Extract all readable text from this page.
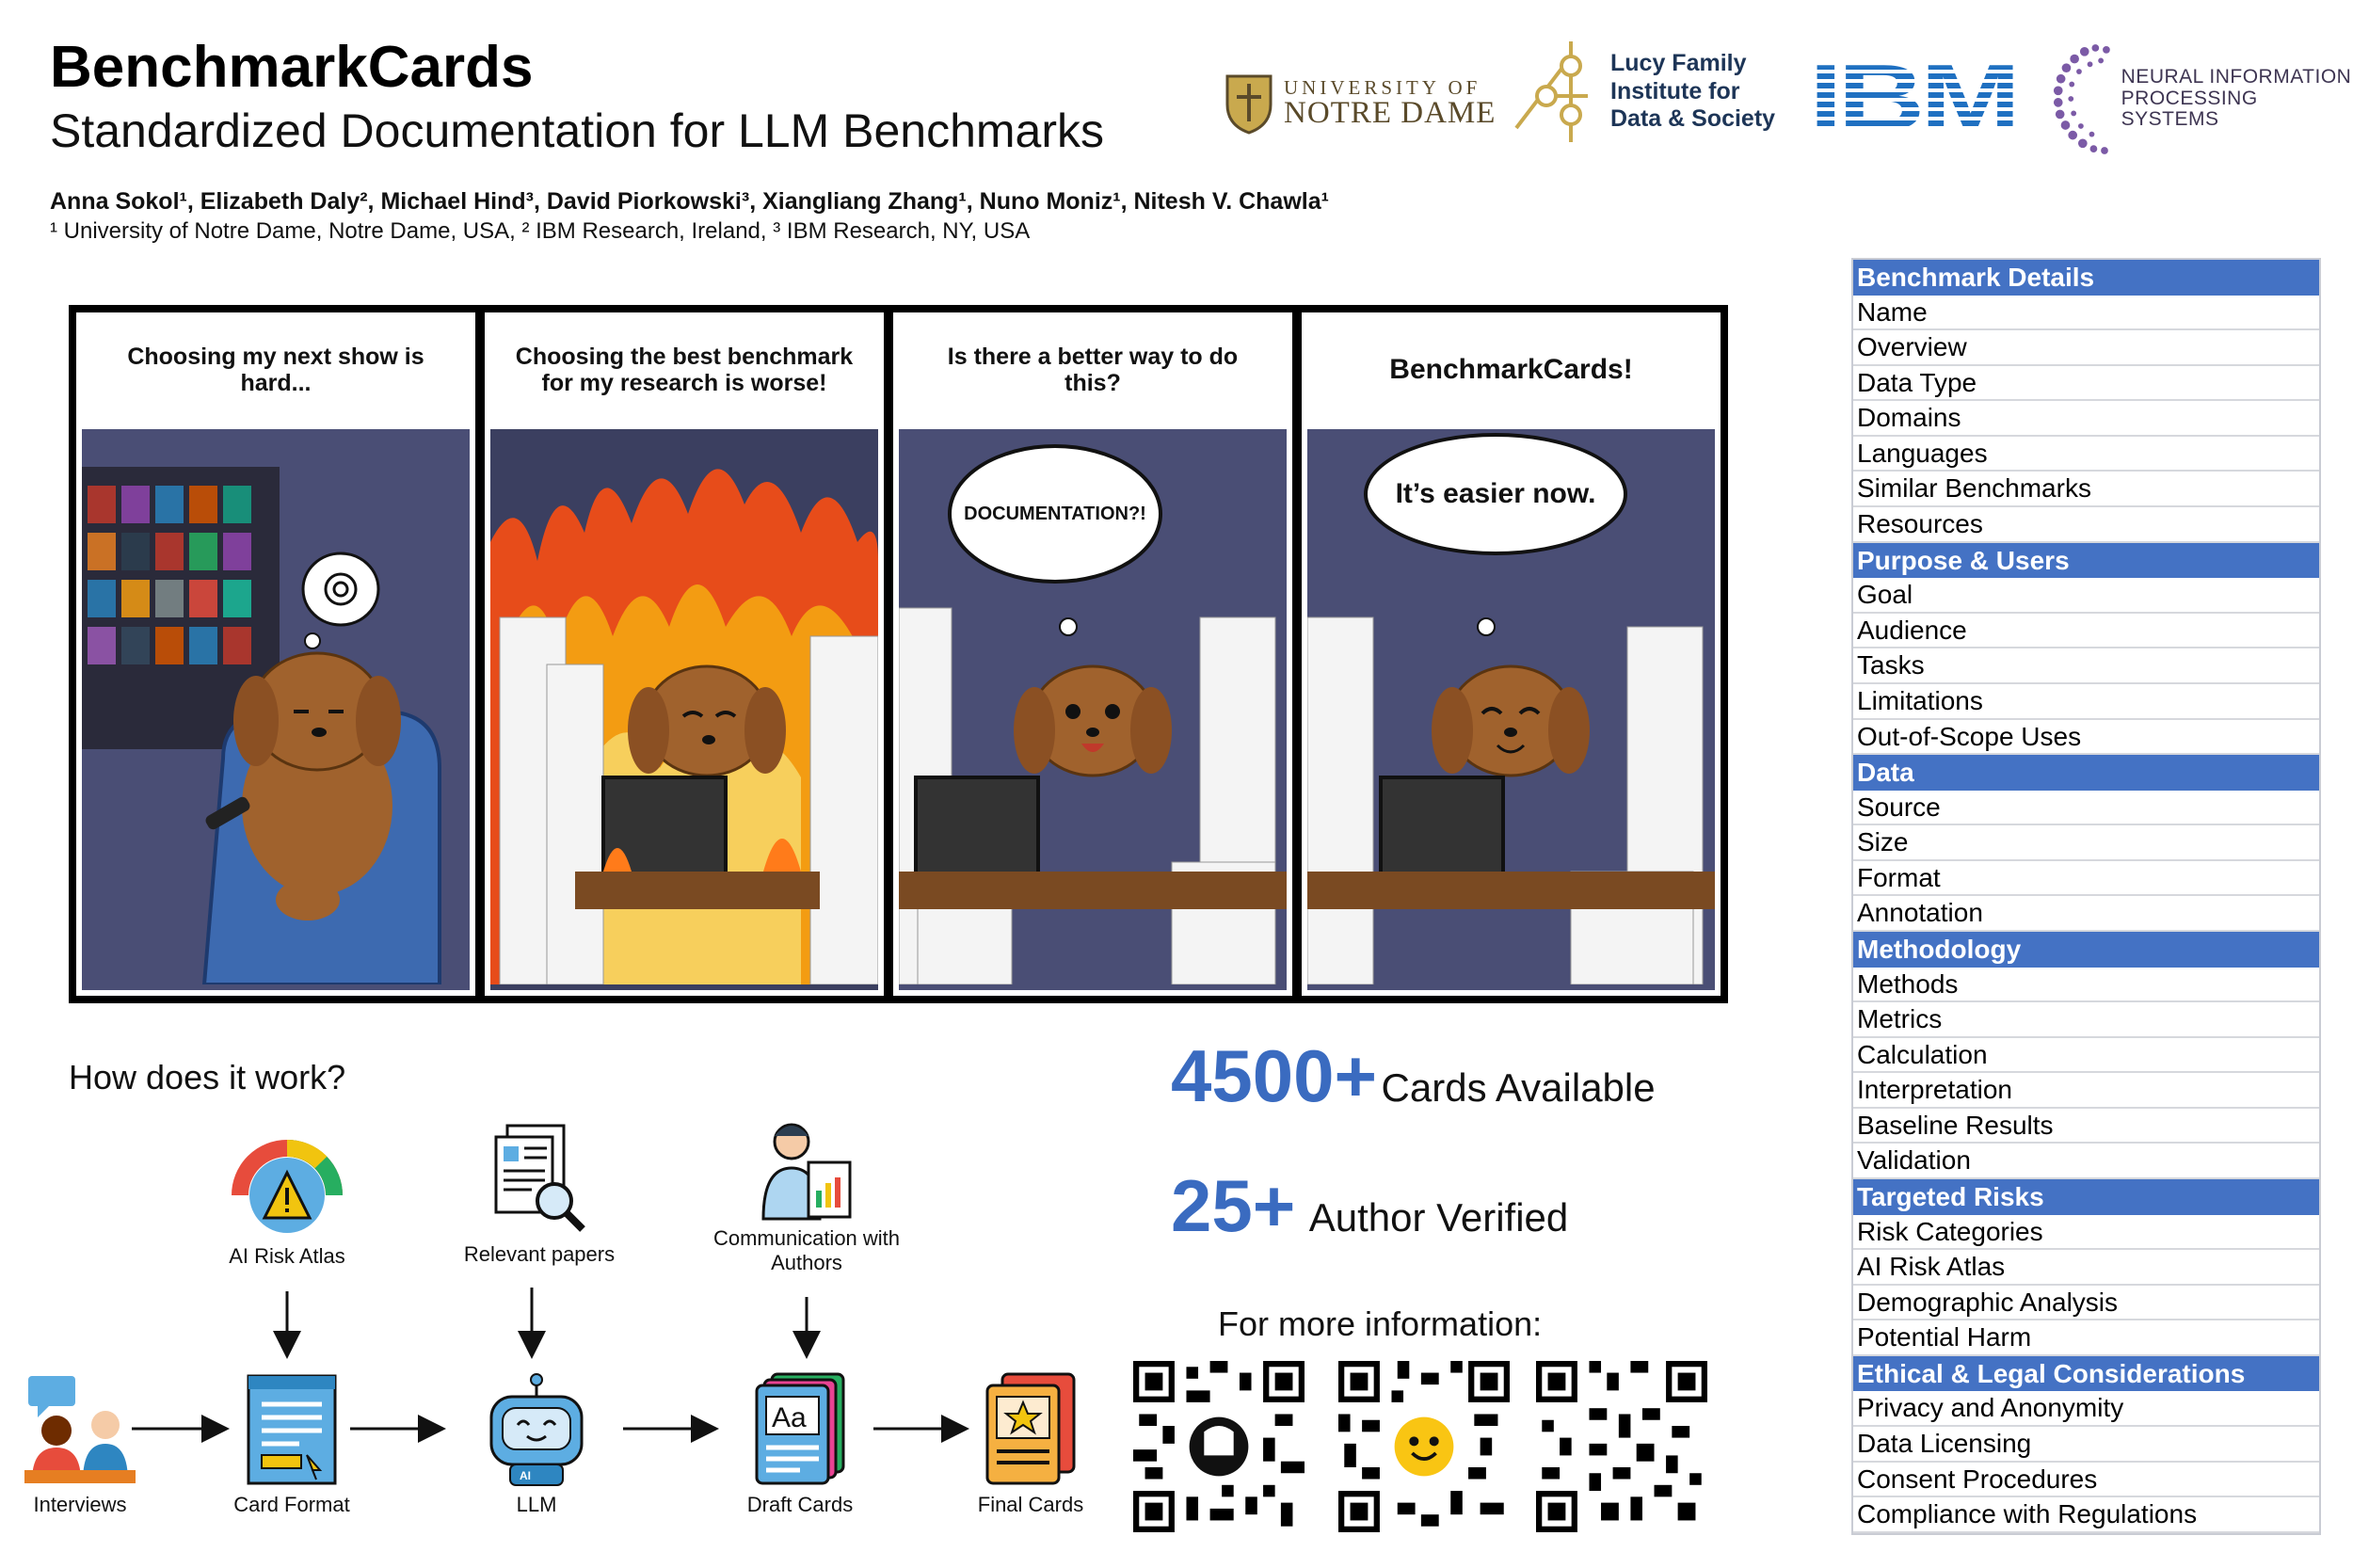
BenchmarkCards
Standardized Documentation for LLM Benchmarks
Anna Sokol¹, Elizabeth Daly², Michael Hind³, David Piorkowski³, Xiangliang Zhang¹, Nuno Moniz¹, Nitesh V. Chawla¹
¹ University of Notre Dame, Notre Dame, USA, ² IBM Research, Ireland, ³ IBM Research, NY, USA
UNIVERSITY OF
NOTRE DAME
Lucy Family
Institute for
Data & Society
NEURAL INFORMATION
PROCESSING SYSTEMS
Choosing my next show is hard...
Choosing the best benchmark for my research is worse!
Is there a better way to do this?
DOCUMENTATION?!
BenchmarkCards!
It’s easier now.
How does it work?
AI Risk Atlas	Relevant papers
Communication with Authors
Interviews	Card Format
AI
LLM
Aa
Draft Cards	Final Cards
4500+ Cards Available
25+ Author Verified
For more information:
Benchmark Details
Name
Overview
Data Type
Domains
Languages
Similar Benchmarks
Resources
Purpose & Users
Goal
Audience
Tasks
Limitations
Out-of-Scope Uses
Data
Source
Size
Format
Annotation
Methodology
Methods
Metrics
Calculation
Interpretation
Baseline Results
Validation
Targeted Risks
Risk Categories
AI Risk Atlas
Demographic Analysis
Potential Harm
Ethical & Legal Considerations
Privacy and Anonymity
Data Licensing
Consent Procedures
Compliance with Regulations
